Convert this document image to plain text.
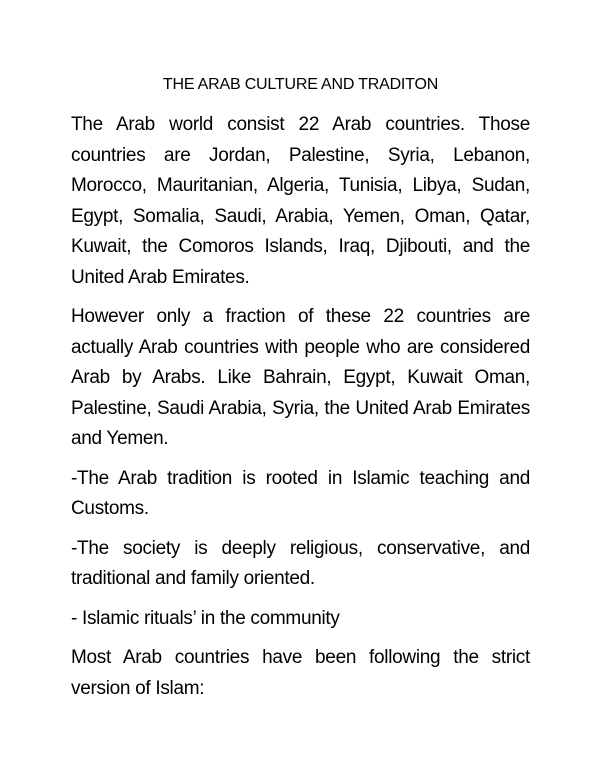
THE ARAB CULTURE AND TRADITON

The Arab world consist 22 Arab countries. Those countries are Jordan, Palestine, Syria, Lebanon, Morocco, Mauritanian, Algeria, Tunisia, Libya, Sudan, Egypt, Somalia, Saudi, Arabia, Yemen, Oman, Qatar, Kuwait, the Comoros Islands, Iraq, Djibouti, and the United Arab Emirates.

However only a fraction of these 22 countries are actually Arab countries with people who are considered Arab by Arabs. Like Bahrain, Egypt, Kuwait Oman, Palestine, Saudi Arabia, Syria, the United Arab Emirates and Yemen.

-The Arab tradition is rooted in Islamic teaching and Customs.

-The society is deeply religious, conservative, and traditional and family oriented.

- Islamic rituals’ in the community

Most Arab countries have been following the strict version of Islam:
